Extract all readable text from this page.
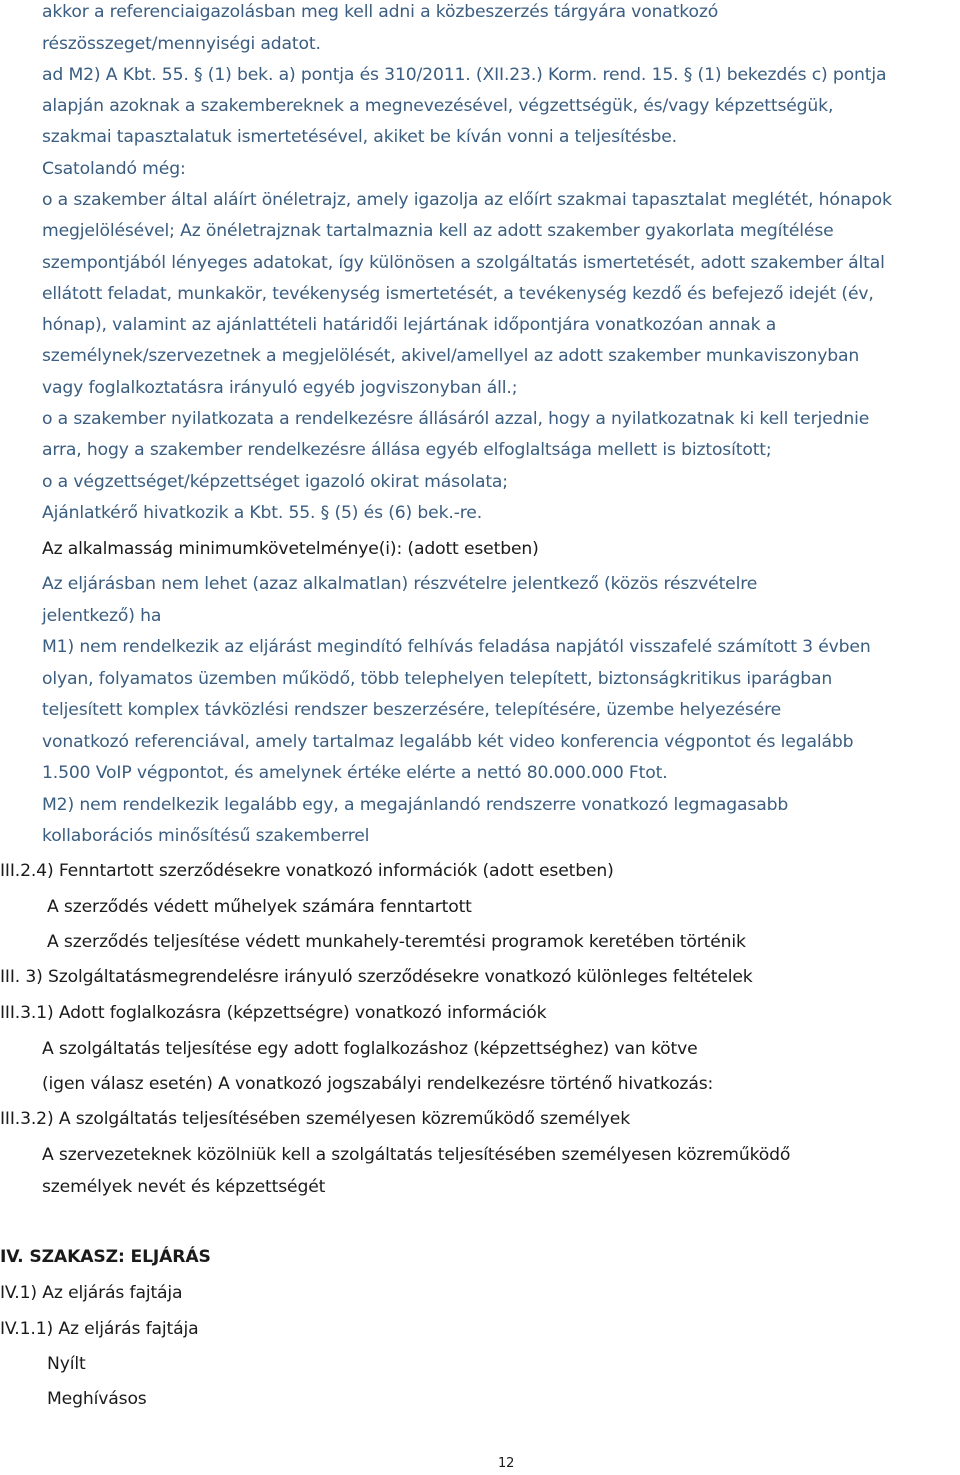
akkor a referenciaigazolásban meg kell adni a közbeszerzés tárgyára vonatkozó
részösszeget/mennyiségi adatot.
ad M2) A Kbt. 55. § (1) bek. a) pontja és 310/2011. (XII.23.) Korm. rend. 15. § (1) bekezdés c) pontja
alapján azoknak a szakembereknek a megnevezésével, végzettségük, és/vagy képzettségük,
szakmai tapasztalatuk ismertetésével, akiket be kíván vonni a teljesítésbe.
Csatolandó még:
o a szakember által aláírt önéletrajz, amely igazolja az előírt szakmai tapasztalat meglétét, hónapok
megjelölésével; Az önéletrajznak tartalmaznia kell az adott szakember gyakorlata megítélése
szempontjából lényeges adatokat, így különösen a szolgáltatás ismertetését, adott szakember által
ellátott feladat, munkakör, tevékenység ismertetését, a tevékenység kezdő és befejező idejét (év,
hónap), valamint az ajánlattételi határidői lejártának időpontjára vonatkozóan annak a
személynek/szervezetnek a megjelölését, akivel/amellyel az adott szakember munkaviszonyban
vagy foglalkoztatásra irányuló egyéb jogviszonyban áll.;
o a szakember nyilatkozata a rendelkezésre állásáról azzal, hogy a nyilatkozatnak ki kell terjednie
arra, hogy a szakember rendelkezésre állása egyéb elfoglaltsága mellett is biztosított;
o a végzettséget/képzettséget igazoló okirat másolata;
Ajánlatkérő hivatkozik a Kbt. 55. § (5) és (6) bek.-re.
Az alkalmasság minimumkövetelménye(i): (adott esetben)
Az eljárásban nem lehet (azaz alkalmatlan) részvételre jelentkező (közös részvételre
jelentkező) ha
M1) nem rendelkezik az eljárást megindító felhívás feladása napjától visszafelé számított 3 évben
olyan, folyamatos üzemben működő, több telephelyen telepített, biztonságkritikus iparágban
teljesített komplex távközlési rendszer beszerzésére, telepítésére, üzembe helyezésére
vonatkozó referenciával, amely tartalmaz legalább két video konferencia végpontot és legalább
1.500 VoIP végpontot, és amelynek értéke elérte a nettó 80.000.000 Ftot.
M2) nem rendelkezik legalább egy, a megajánlandó rendszerre vonatkozó legmagasabb
kollaborációs minősítésű szakemberrel
III.2.4) Fenntartott szerződésekre vonatkozó információk (adott esetben)
A szerződés védett műhelyek számára fenntartott
A szerződés teljesítése védett munkahely-teremtési programok keretében történik
III. 3) Szolgáltatásmegrendelésre irányuló szerződésekre vonatkozó különleges feltételek
III.3.1) Adott foglalkozásra (képzettségre) vonatkozó információk
A szolgáltatás teljesítése egy adott foglalkozáshoz (képzettséghez) van kötve
(igen válasz esetén) A vonatkozó jogszabályi rendelkezésre történő hivatkozás:
III.3.2) A szolgáltatás teljesítésében személyesen közreműködő személyek
A szervezeteknek közölniük kell a szolgáltatás teljesítésében személyesen közreműködő
személyek nevét és képzettségét
IV. SZAKASZ: ELJÁRÁS
IV.1) Az eljárás fajtája
IV.1.1) Az eljárás fajtája
Nyílt
Meghívásos
12
